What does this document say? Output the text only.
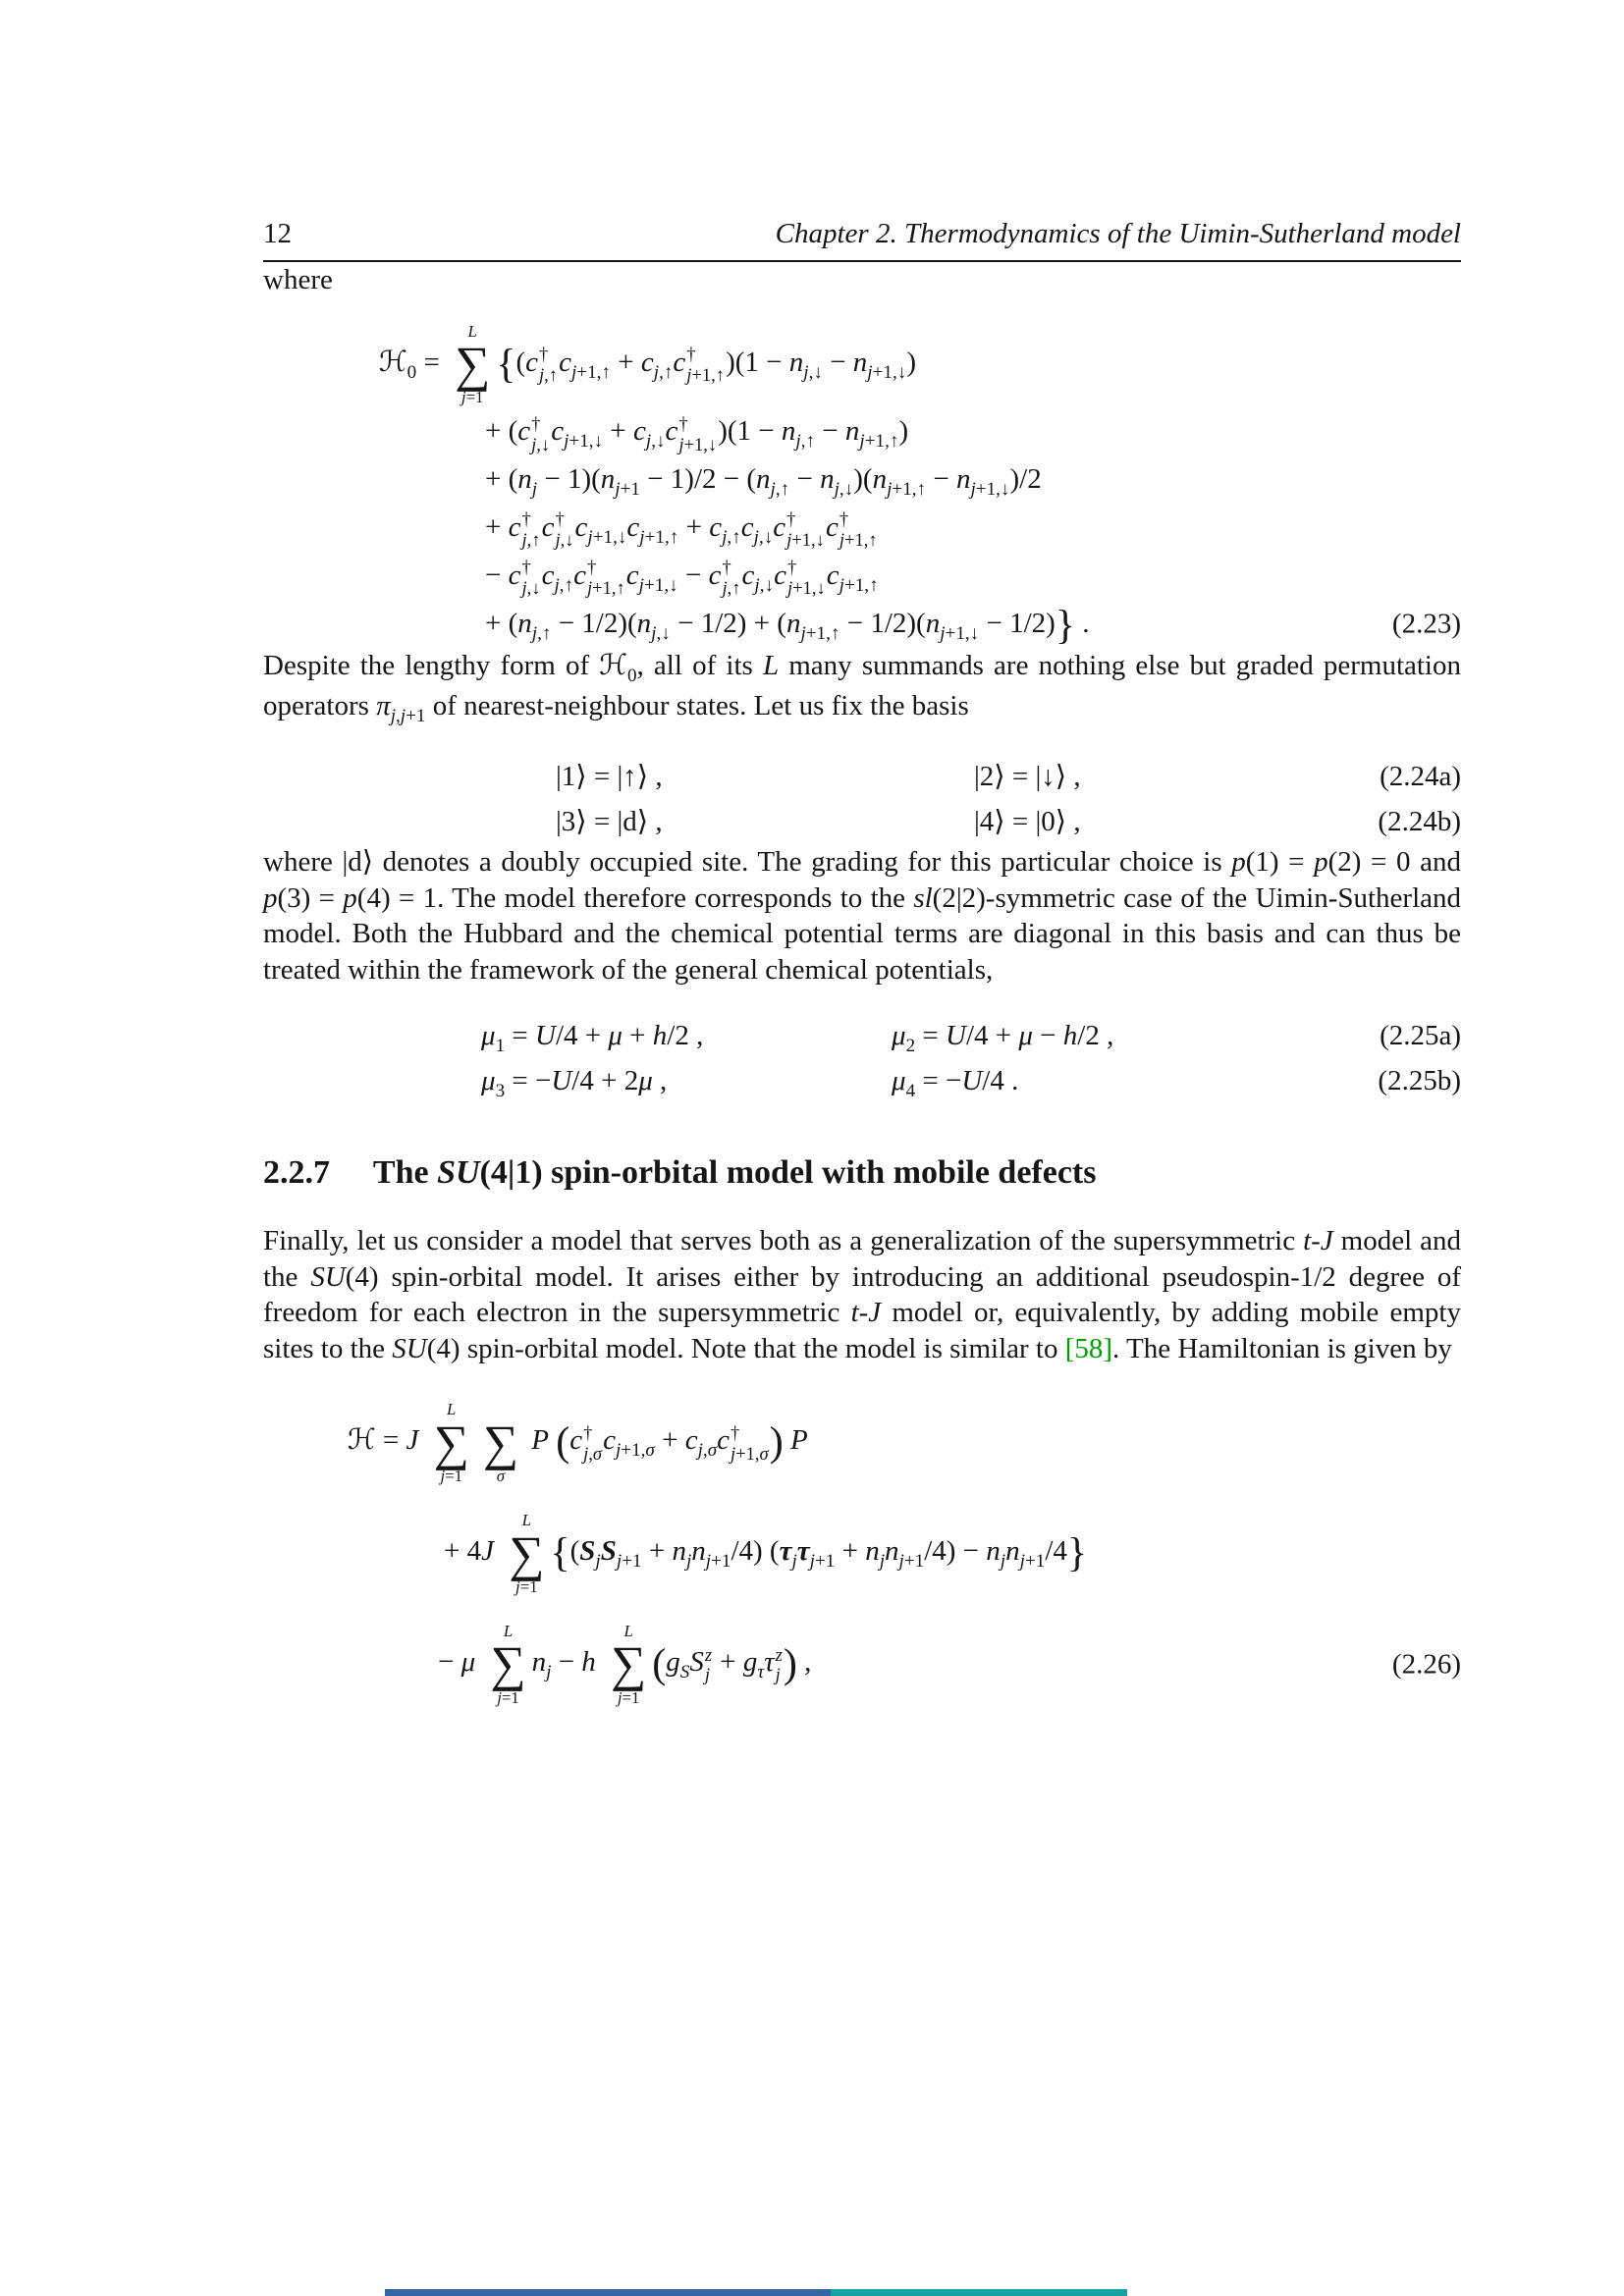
12	Chapter 2. Thermodynamics of the Uimin-Sutherland model

where

ℋ$_0$ =
L
∑
j=1
{(c †
j,↑ $c_{j+1,↑} + c_{j,↑}c$ †
j+1,↑ )$(1 - n_{j,↓} - n_{j+1,↓})$
+ (c †
j,↓ $c_{j+1,↓} + c_{j,↓}c$ †
j+1,↓ )$(1 - n_{j,↑} - n_{j+1,↑})$
+ $(n_j - 1)(n_{j+1} - 1)/2 - (n_{j,↑} - n_{j,↓})(n_{j+1,↑} - n_{j+1,↓})/2$
+ c †
j,↑ c †
j,↓ $c_{j+1,↓}c_{j+1,↑} + c_{j,↑}c_{j,↓}c$ †
j+1,↓ c †
j+1,↑
− c †
j,↓ $c_{j,↑}c$ †
j+1,↑ $c_{j+1,↓} - c$ †
j,↑ $c_{j,↓}c$ †
j+1,↓ $c_{j+1,↑}$
+ $(n_{j,↑} - 1/2)(n_{j,↓} - 1/2) + (n_{j+1,↑} - 1/2)(n_{j+1,↓} - 1/2)$} .	(2.23)

Despite the lengthy form of ℋ$_0$, all of its L many summands are nothing else but graded permutation operators $\pi_{j,j+1}$ of nearest-neighbour states. Let us fix the basis

|1⟩ = |↑⟩ ,	|2⟩ = |↓⟩ ,	(2.24a)
|3⟩ = |d⟩ ,	|4⟩ = |0⟩ ,	(2.24b)

where |d⟩ denotes a doubly occupied site. The grading for this particular choice is p(1) = p(2) = 0 and p(3) = p(4) = 1. The model therefore corresponds to the sl(2|2)-symmetric case of the Uimin-Sutherland model. Both the Hubbard and the chemical potential terms are diagonal in this basis and can thus be treated within the framework of the general chemical potentials,

$\mu_1 = U/4 + \mu + h/2$ ,	$\mu_2 = U/4 + \mu - h/2$ ,	(2.25a)
$\mu_3 = -U/4 + 2\mu$ ,	$\mu_4 = -U/4$ .	(2.25b)
2.2.7 The SU(4|1) spin-orbital model with mobile defects

Finally, let us consider a model that serves both as a generalization of the supersymmetric t-J model and the SU(4) spin-orbital model. It arises either by introducing an additional pseudospin-1/2 degree of freedom for each electron in the supersymmetric t-J model or, equivalently, by adding mobile empty sites to the SU(4) spin-orbital model. Note that the model is similar to [58]. The Hamiltonian is given by

ℋ = J
L
∑
j=1
∑
σ
P (c †
j,σ $c_{j+1,\sigma} + c_{j,\sigma}c$ †
j+1,σ ) P
+ 4J
L
∑
j=1
$\{(S_jS_{j+1} + n_jn_{j+1}/4) (\tau_j\tau_{j+1} + n_jn_{j+1}/4) - n_jn_{j+1}/4\}$
− μ
L
∑
j=1
$n_j - h$
L
∑
j=1
($g_SS$ z
$j + g_\tau\tau$ z
j ) ,	(2.26)
